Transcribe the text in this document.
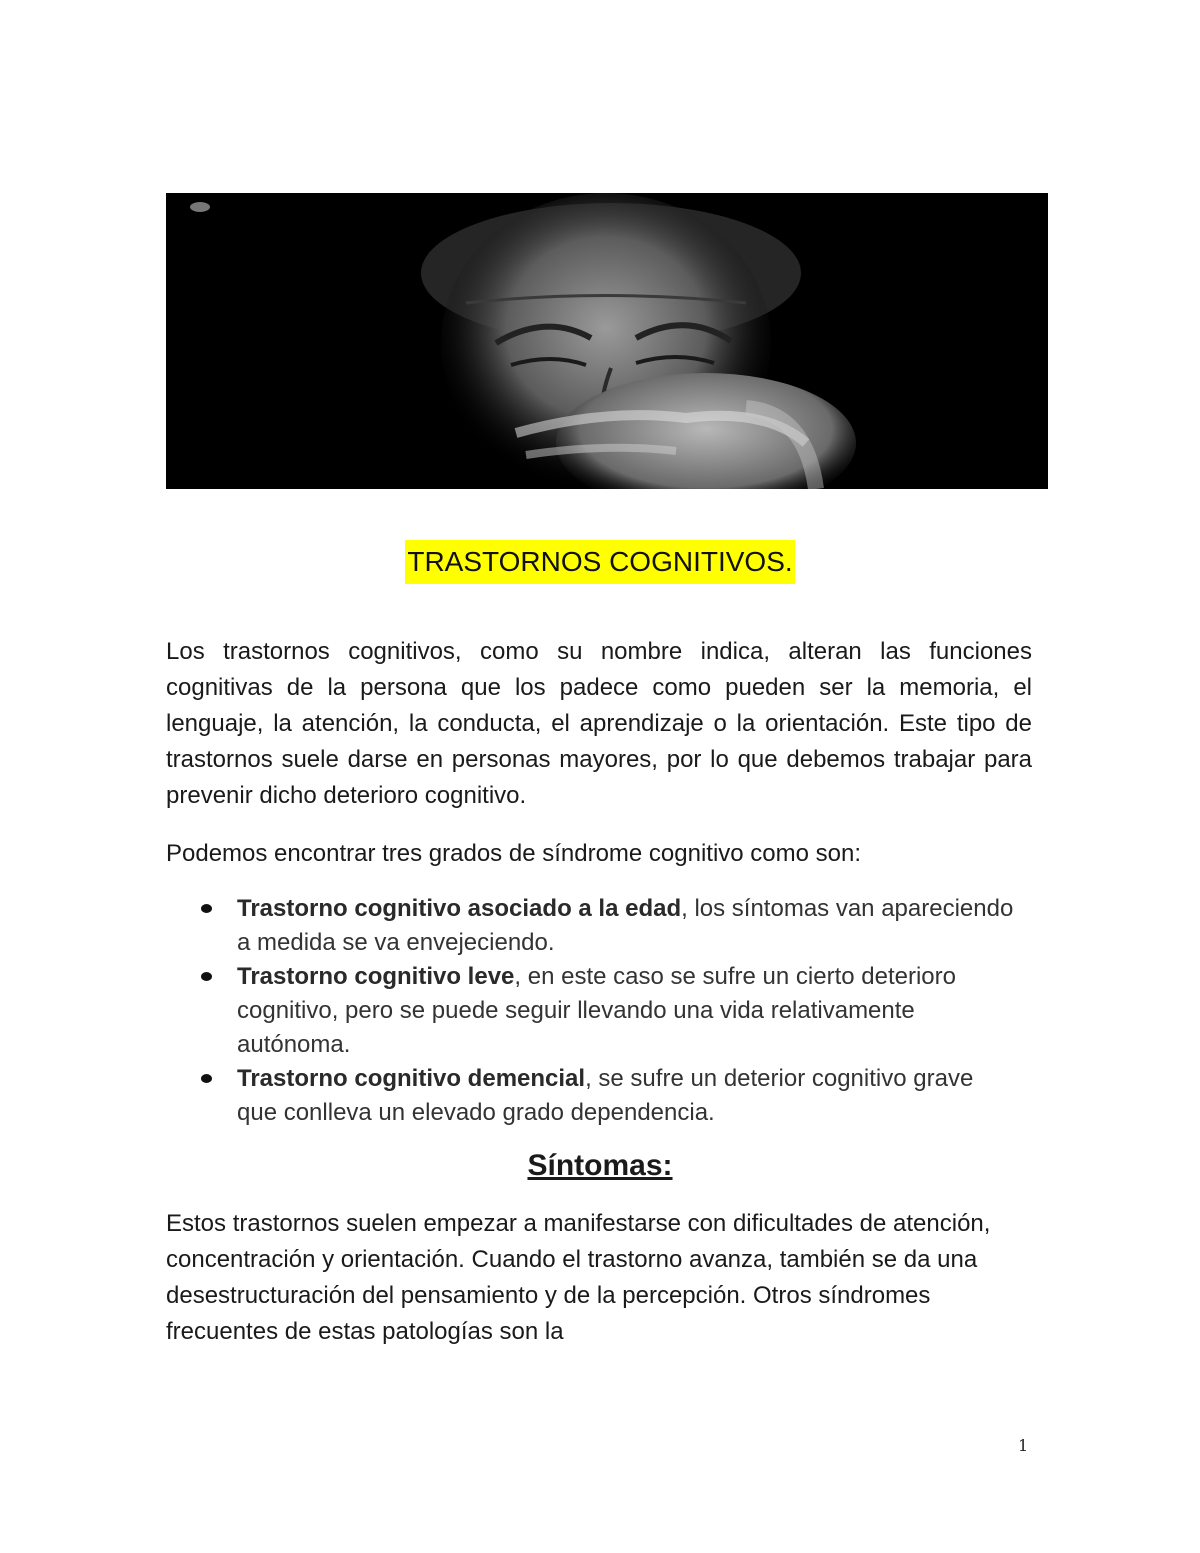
TRASTORNOS COGNITIVOS.

Los trastornos cognitivos, como su nombre indica, alteran las funciones cognitivas de la persona que los padece como pueden ser la memoria, el lenguaje, la atención, la conducta, el aprendizaje o la orientación. Este tipo de trastornos suele darse en personas mayores, por lo que debemos trabajar para prevenir dicho deterioro cognitivo.

Podemos encontrar tres grados de síndrome cognitivo como son:

Trastorno cognitivo asociado a la edad, los síntomas van apareciendo a medida se va envejeciendo.
Trastorno cognitivo leve, en este caso se sufre un cierto deterioro cognitivo, pero se puede seguir llevando una vida relativamente autónoma.
Trastorno cognitivo demencial, se sufre un deterior cognitivo grave que conlleva un elevado grado dependencia.
Síntomas:

Estos trastornos suelen empezar a manifestarse con dificultades de atención, concentración y orientación. Cuando el trastorno avanza, también se da una desestructuración del pensamiento y de la percepción. Otros síndromes frecuentes de estas patologías son la

1
